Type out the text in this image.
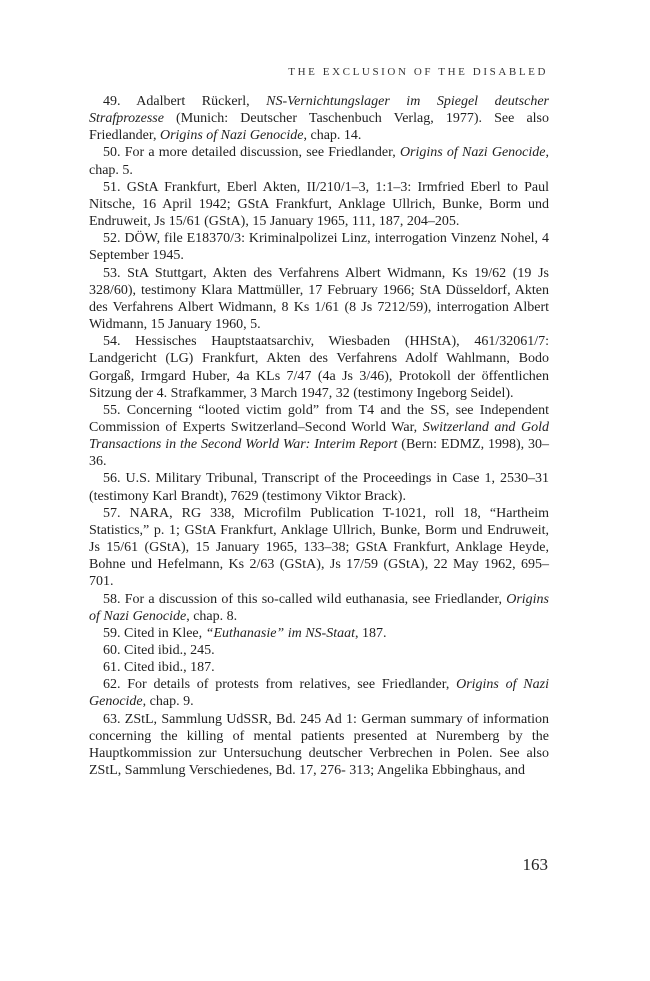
THE EXCLUSION OF THE DISABLED

49. Adalbert Rückerl, NS-Vernichtungslager im Spiegel deutscher Strafprozesse (Munich: Deutscher Taschenbuch Verlag, 1977). See also Friedlander, Origins of Nazi Genocide, chap. 14.

50. For a more detailed discussion, see Friedlander, Origins of Nazi Genocide, chap. 5.

51. GStA Frankfurt, Eberl Akten, II/210/1–3, 1:1–3: Irmfried Eberl to Paul Nitsche, 16 April 1942; GStA Frankfurt, Anklage Ullrich, Bunke, Borm und Endruweit, Js 15/61 (GStA), 15 January 1965, 111, 187, 204–205.

52. DÖW, file E18370/3: Kriminalpolizei Linz, interrogation Vinzenz Nohel, 4 September 1945.

53. StA Stuttgart, Akten des Verfahrens Albert Widmann, Ks 19/62 (19 Js 328/60), testimony Klara Mattmüller, 17 February 1966; StA Düsseldorf, Akten des Verfahrens Albert Widmann, 8 Ks 1/61 (8 Js 7212/59), interrogation Albert Widmann, 15 January 1960, 5.

54. Hessisches Hauptstaatsarchiv, Wiesbaden (HHStA), 461/32061/7: Landgericht (LG) Frankfurt, Akten des Verfahrens Adolf Wahlmann, Bodo Gorgaß, Irmgard Huber, 4a KLs 7/47 (4a Js 3/46), Protokoll der öffentlichen Sitzung der 4. Strafkammer, 3 March 1947, 32 (testimony Ingeborg Seidel).

55. Concerning “looted victim gold” from T4 and the SS, see Independent Commission of Experts Switzerland–Second World War, Switzerland and Gold Transactions in the Second World War: Interim Report (Bern: EDMZ, 1998), 30–36.

56. U.S. Military Tribunal, Transcript of the Proceedings in Case 1, 2530–31 (testimony Karl Brandt), 7629 (testimony Viktor Brack).

57. NARA, RG 338, Microfilm Publication T-1021, roll 18, “Hartheim Statistics,” p. 1; GStA Frankfurt, Anklage Ullrich, Bunke, Borm und Endruweit, Js 15/61 (GStA), 15 January 1965, 133–38; GStA Frankfurt, Anklage Heyde, Bohne und Hefelmann, Ks 2/63 (GStA), Js 17/59 (GStA), 22 May 1962, 695–701.

58. For a discussion of this so-called wild euthanasia, see Friedlander, Origins of Nazi Genocide, chap. 8.

59. Cited in Klee, “Euthanasie” im NS-Staat, 187.

60. Cited ibid., 245.

61. Cited ibid., 187.

62. For details of protests from relatives, see Friedlander, Origins of Nazi Genocide, chap. 9.

63. ZStL, Sammlung UdSSR, Bd. 245 Ad 1: German summary of information concerning the killing of mental patients presented at Nuremberg by the Hauptkommission zur Untersuchung deutscher Verbrechen in Polen. See also ZStL, Sammlung Verschiedenes, Bd. 17, 276- 313; Angelika Ebbinghaus, and

163
